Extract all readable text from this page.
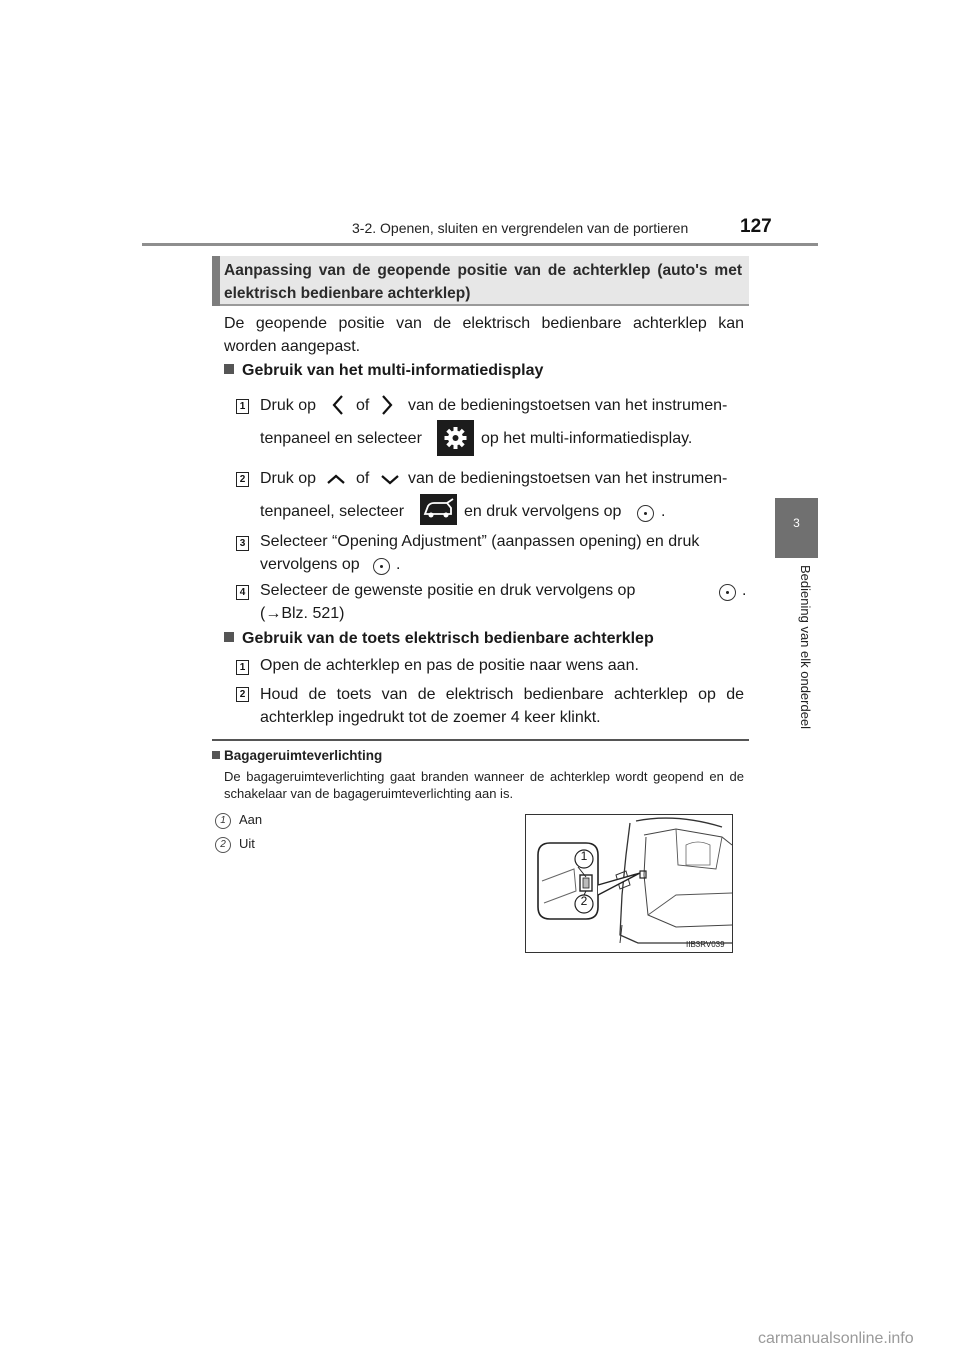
3-2. Openen, sluiten en vergrendelen van de portieren	127
3
Bediening van elk onderdeel
Aanpassing van de geopende positie van de achterklep (auto's met elektrisch bedienbare achterklep)
De geopende positie van de elektrisch bedienbare achterklep kan worden aangepast.
Gebruik van het multi-informatiedisplay
1 Druk op of van de bedieningstoetsen van het instrumen-
tenpaneel en selecteer	op het multi-informatiedisplay.
2 Druk op of van de bedieningstoetsen van het instrumen-
tenpaneel, selecteer	en druk vervolgens op .
3 Selecteer “Opening Adjustment” (aanpassen opening) en druk
vervolgens op .
4 Selecteer de gewenste positie en druk vervolgens op	.
(→Blz. 521)
Gebruik van de toets elektrisch bedienbare achterklep
1 Open de achterklep en pas de positie naar wens aan.
2 Houd de toets van de elektrisch bedienbare achterklep op de achterklep ingedrukt tot de zoemer 4 keer klinkt.
Bagageruimteverlichting
De bagageruimteverlichting gaat branden wanneer de achterklep wordt geopend en de schakelaar van de bagageruimteverlichting aan is.
1	Aan
2	Uit
1
2
IIB3RV039
carmanualsonline.info
